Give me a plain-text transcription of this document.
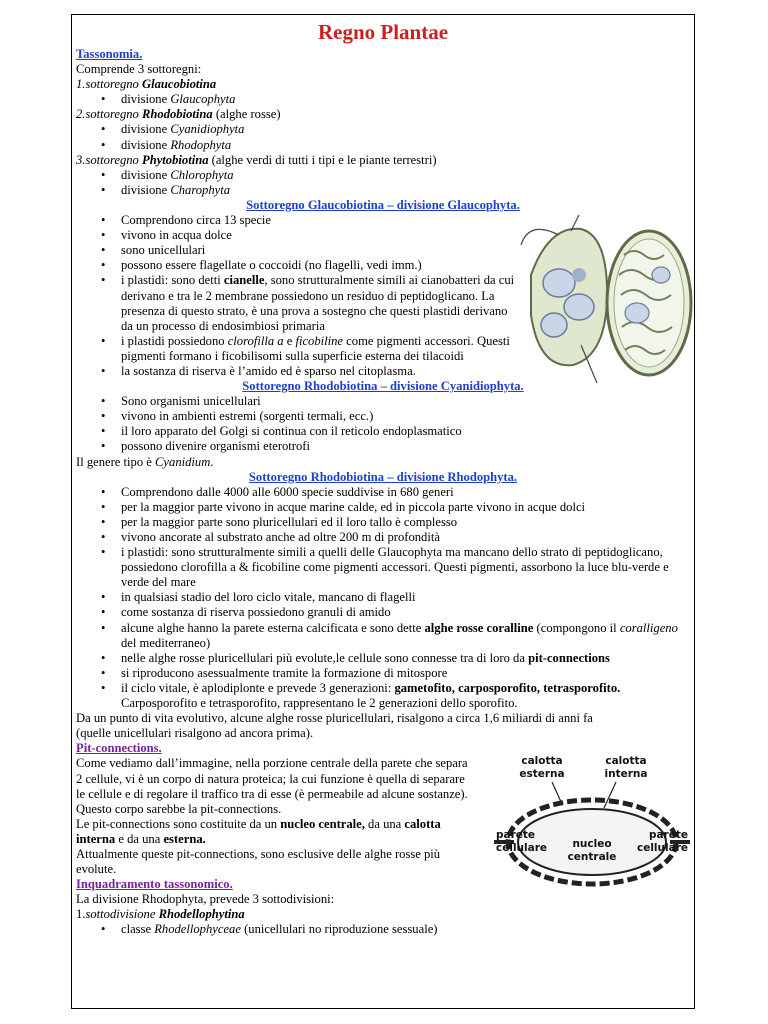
calotta
esterna
calotta
interna
parete
cellulare nucleo
centrale
parete
cellulare
Regno Plantae

Tassonomia.

Comprende 3 sottoregni:

1.sottoregno Glaucobiotina

• divisione Glaucophyta

2.sottoregno Rhodobiotina (alghe rosse)

• divisione Cyanidiophyta
• divisione Rhodophyta

3.sottoregno Phytobiotina (alghe verdi di tutti i tipi e le piante terrestri)

• divisione Chlorophyta
• divisione Charophyta

Sottoregno Glaucobiotina – divisione Glaucophyta.

• Comprendono circa 13 specie
• vivono in acqua dolce
• sono unicellulari
• possono essere flagellate o coccoidi (no flagelli, vedi imm.)
• i plastidi: sono detti cianelle, sono strutturalmente simili ai cianobatteri da cui derivano e tra le 2 membrane possiedono un residuo di peptidoglicano. La presenza di questo strato, è una prova a sostegno che questi plastidi derivano da un processo di endosimbiosi primaria
• i plastidi possiedono clorofilla a e ficobiline come pigmenti accessori. Questi pigmenti formano i ficobilisomi sulla superficie esterna dei tilacoidi
• la sostanza di riserva è l’amido ed è sparso nel citoplasma.

Sottoregno Rhodobiotina – divisione Cyanidiophyta.

• Sono organismi unicellulari
• vivono in ambienti estremi (sorgenti termali, ecc.)
• il loro apparato del Golgi si continua con il reticolo endoplasmatico
• possono divenire organismi eterotrofi

Il genere tipo è Cyanidium.

Sottoregno Rhodobiotina – divisione Rhodophyta.

• Comprendono dalle 4000 alle 6000 specie suddivise in 680 generi
• per la maggior parte vivono in acque marine calde, ed in piccola parte vivono in acque dolci
• per la maggior parte sono pluricellulari ed il loro tallo è complesso
• vivono ancorate al substrato anche ad oltre 200 m di profondità
• i plastidi: sono strutturalmente simili a quelli delle Glaucophyta ma mancano dello strato di peptidoglicano, possiedono clorofilla a & ficobiline come pigmenti accessori. Questi pigmenti, assorbono la luce blu-verde e verde del mare
• in qualsiasi stadio del loro ciclo vitale, mancano di flagelli
• come sostanza di riserva possiedono granuli di amido
• alcune alghe hanno la parete esterna calcificata e sono dette alghe rosse coralline (compongono il coralligeno del mediterraneo)
• nelle alghe rosse pluricellulari più evolute,le cellule sono connesse tra di loro da pit-connections
• si riproducono asessualmente tramite la formazione di mitospore
• il ciclo vitale, è aplodiplonte e prevede 3 generazioni: gametofito, carposporofito, tetrasporofito. Carposporofito e tetrasporofito, rappresentano le 2 generazioni dello sporofito.

Da un punto di vita evolutivo, alcune alghe rosse pluricellulari, risalgono a circa 1,6 miliardi di anni fa

(quelle unicellulari risalgono ad ancora prima).

Pit-connections.

Come vediamo dall’immagine, nella porzione centrale della parete che separa 2 cellule, vi è un corpo di natura proteica; la cui funzione è quella di separare le cellule e di regolare il traffico tra di esse (è permeabile ad alcune sostanze). Questo corpo sarebbe la pit-connections.

Le pit-connections sono costituite da un nucleo centrale, da una calotta interna e da una esterna.

Attualmente queste pit-connections, sono esclusive delle alghe rosse più evolute.

Inquadramento tassonomico.

La divisione Rhodophyta, prevede 3 sottodivisioni:

1.sottodivisione Rhodellophytina

• classe Rhodellophyceae (unicellulari no riproduzione sessuale)
